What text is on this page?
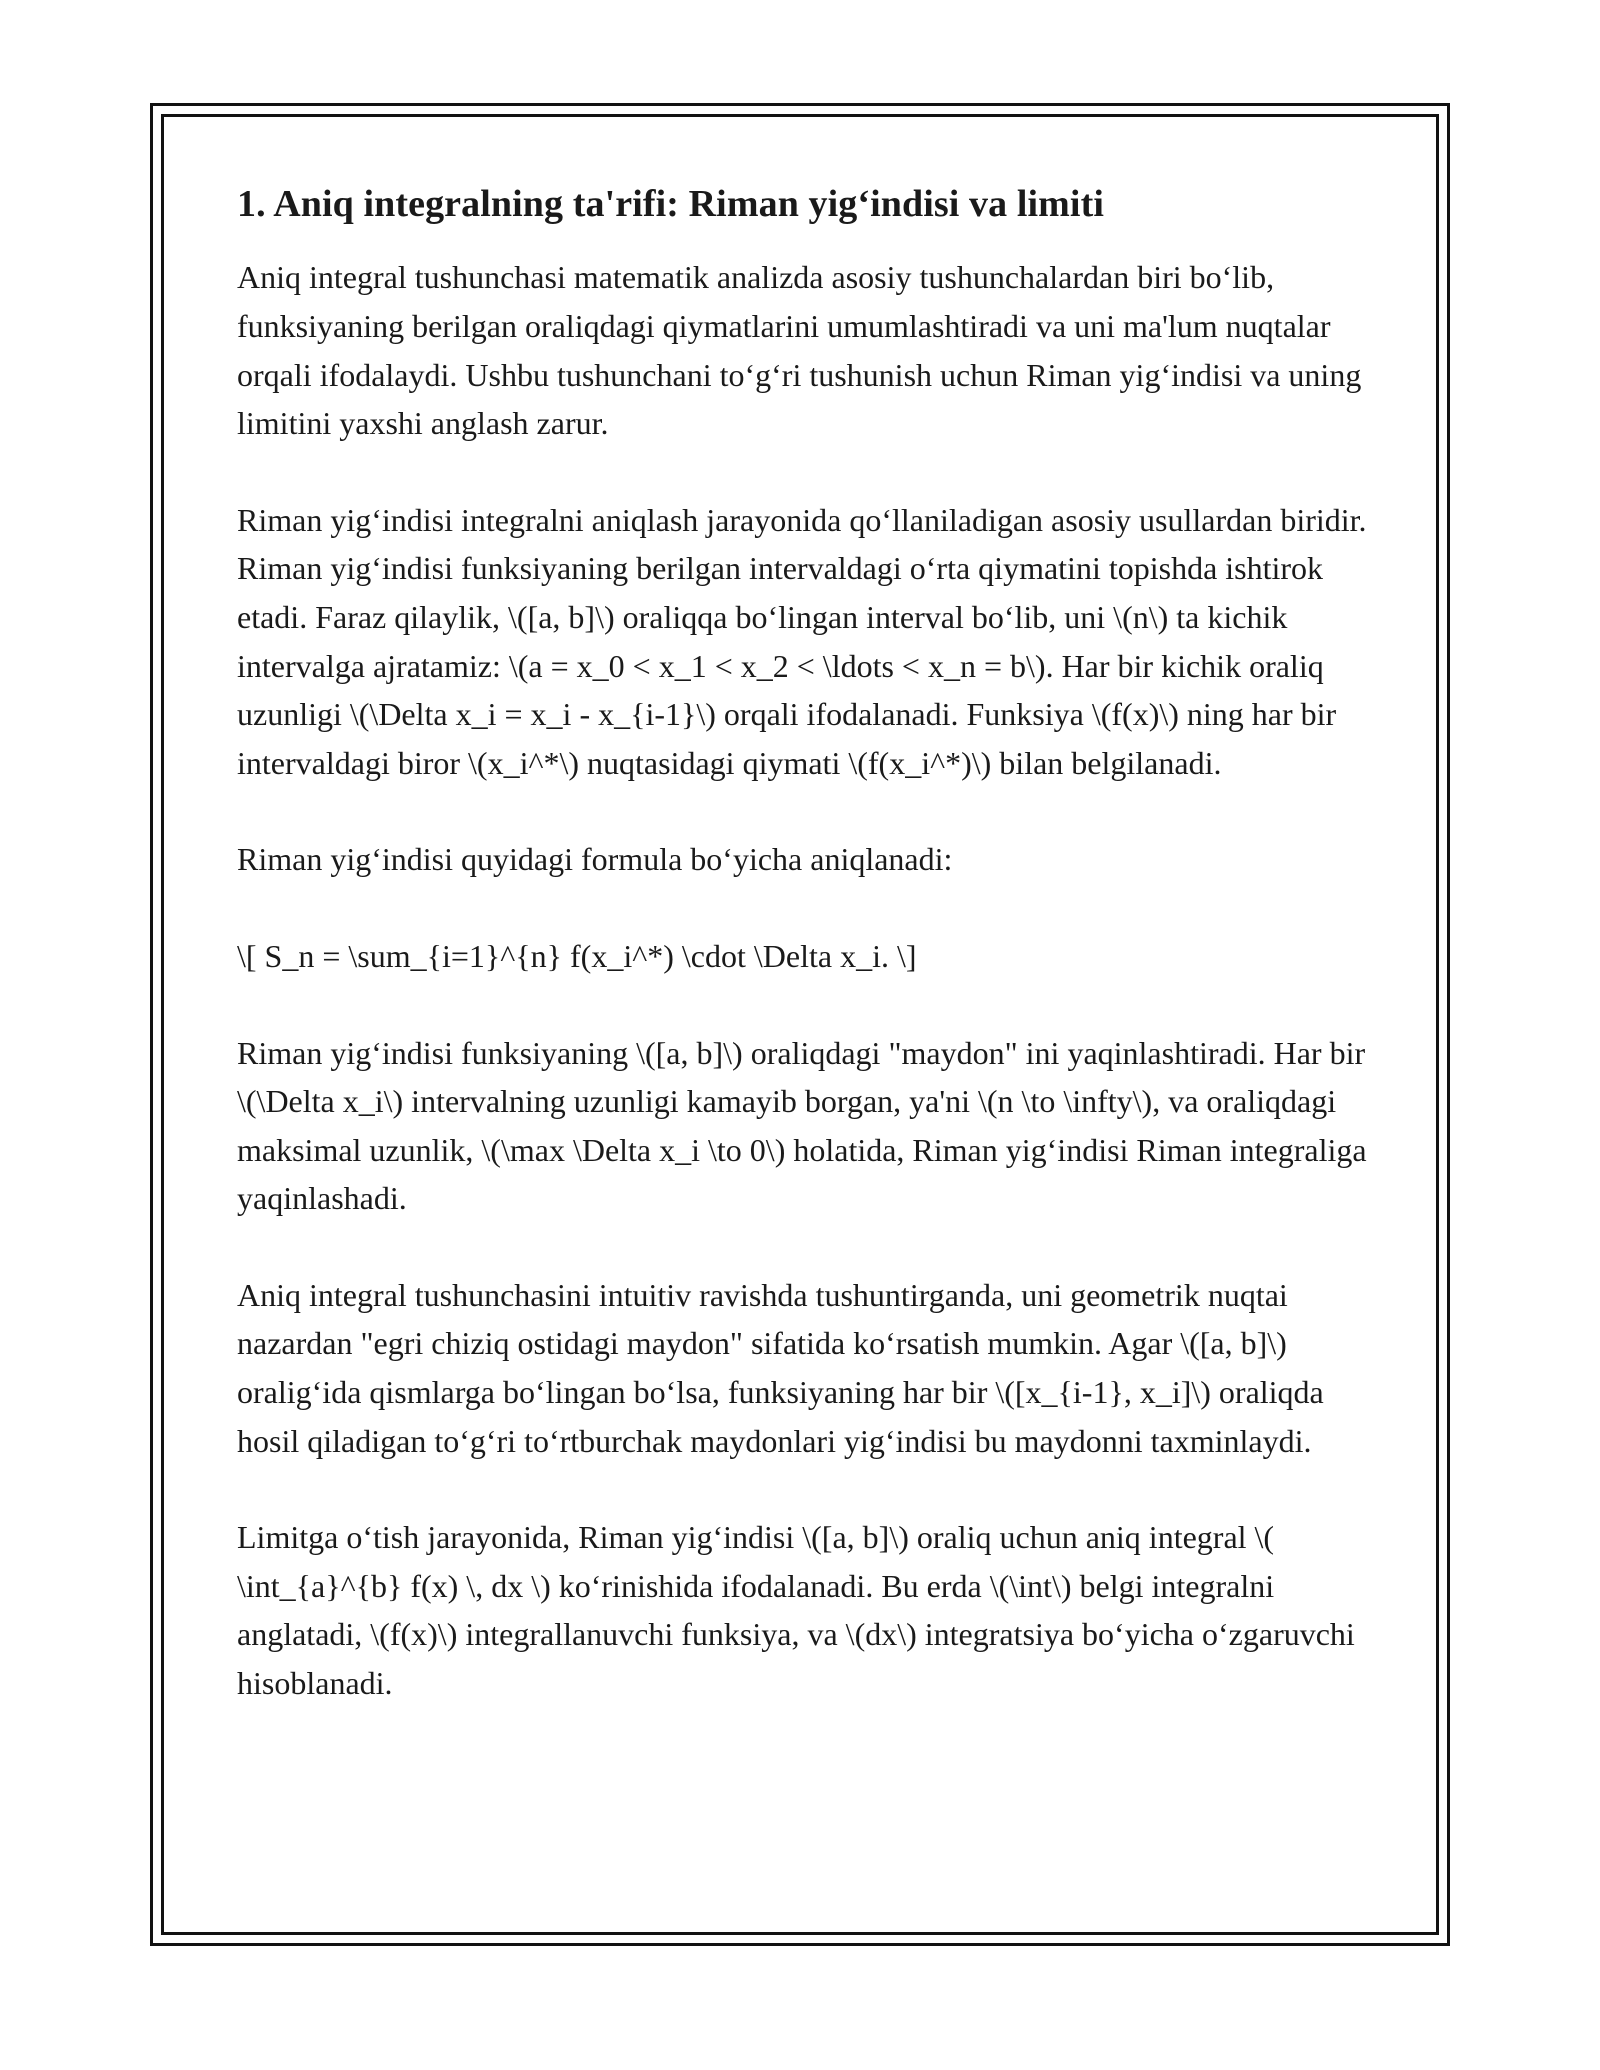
1. Aniq integralning ta'rifi: Riman yig‘indisi va limiti

Aniq integral tushunchasi matematik analizda asosiy tushunchalardan biri bo‘lib, funksiyaning berilgan oraliqdagi qiymatlarini umumlashtiradi va uni ma'lum nuqtalar orqali ifodalaydi. Ushbu tushunchani to‘g‘ri tushunish uchun Riman yig‘indisi va uning limitini yaxshi anglash zarur.

Riman yig‘indisi integralni aniqlash jarayonida qo‘llaniladigan asosiy usullardan biridir. Riman yig‘indisi funksiyaning berilgan intervaldagi o‘rta qiymatini topishda ishtirok etadi. Faraz qilaylik, \([a, b]\) oraliqqa bo‘lingan interval bo‘lib, uni \(n\) ta kichik intervalga ajratamiz: \(a = x_0 < x_1 < x_2 < \ldots < x_n = b\). Har bir kichik oraliq uzunligi \(\Delta x_i = x_i - x_{i-1}\) orqali ifodalanadi. Funksiya \(f(x)\) ning har bir intervaldagi biror \(x_i^*\) nuqtasidagi qiymati \(f(x_i^*)\) bilan belgilanadi.

Riman yig‘indisi quyidagi formula bo‘yicha aniqlanadi:

\[ S_n = \sum_{i=1}^{n} f(x_i^*) \cdot \Delta x_i. \]

Riman yig‘indisi funksiyaning \([a, b]\) oraliqdagi "maydon" ini yaqinlashtiradi. Har bir \(\Delta x_i\) intervalning uzunligi kamayib borgan, ya'ni \(n \to \infty\), va oraliqdagi maksimal uzunlik, \(\max \Delta x_i \to 0\) holatida, Riman yig‘indisi Riman integraliga yaqinlashadi.

Aniq integral tushunchasini intuitiv ravishda tushuntirganda, uni geometrik nuqtai nazardan "egri chiziq ostidagi maydon" sifatida ko‘rsatish mumkin. Agar \([a, b]\) oralig‘ida qismlarga bo‘lingan bo‘lsa, funksiyaning har bir \([x_{i-1}, x_i]\) oraliqda hosil qiladigan to‘g‘ri to‘rtburchak maydonlari yig‘indisi bu maydonni taxminlaydi.

Limitga o‘tish jarayonida, Riman yig‘indisi \([a, b]\) oraliq uchun aniq integral \( \int_{a}^{b} f(x) \, dx \) ko‘rinishida ifodalanadi. Bu erda \(\int\) belgi integralni anglatadi, \(f(x)\) integrallanuvchi funksiya, va \(dx\) integratsiya bo‘yicha o‘zgaruvchi hisoblanadi.
